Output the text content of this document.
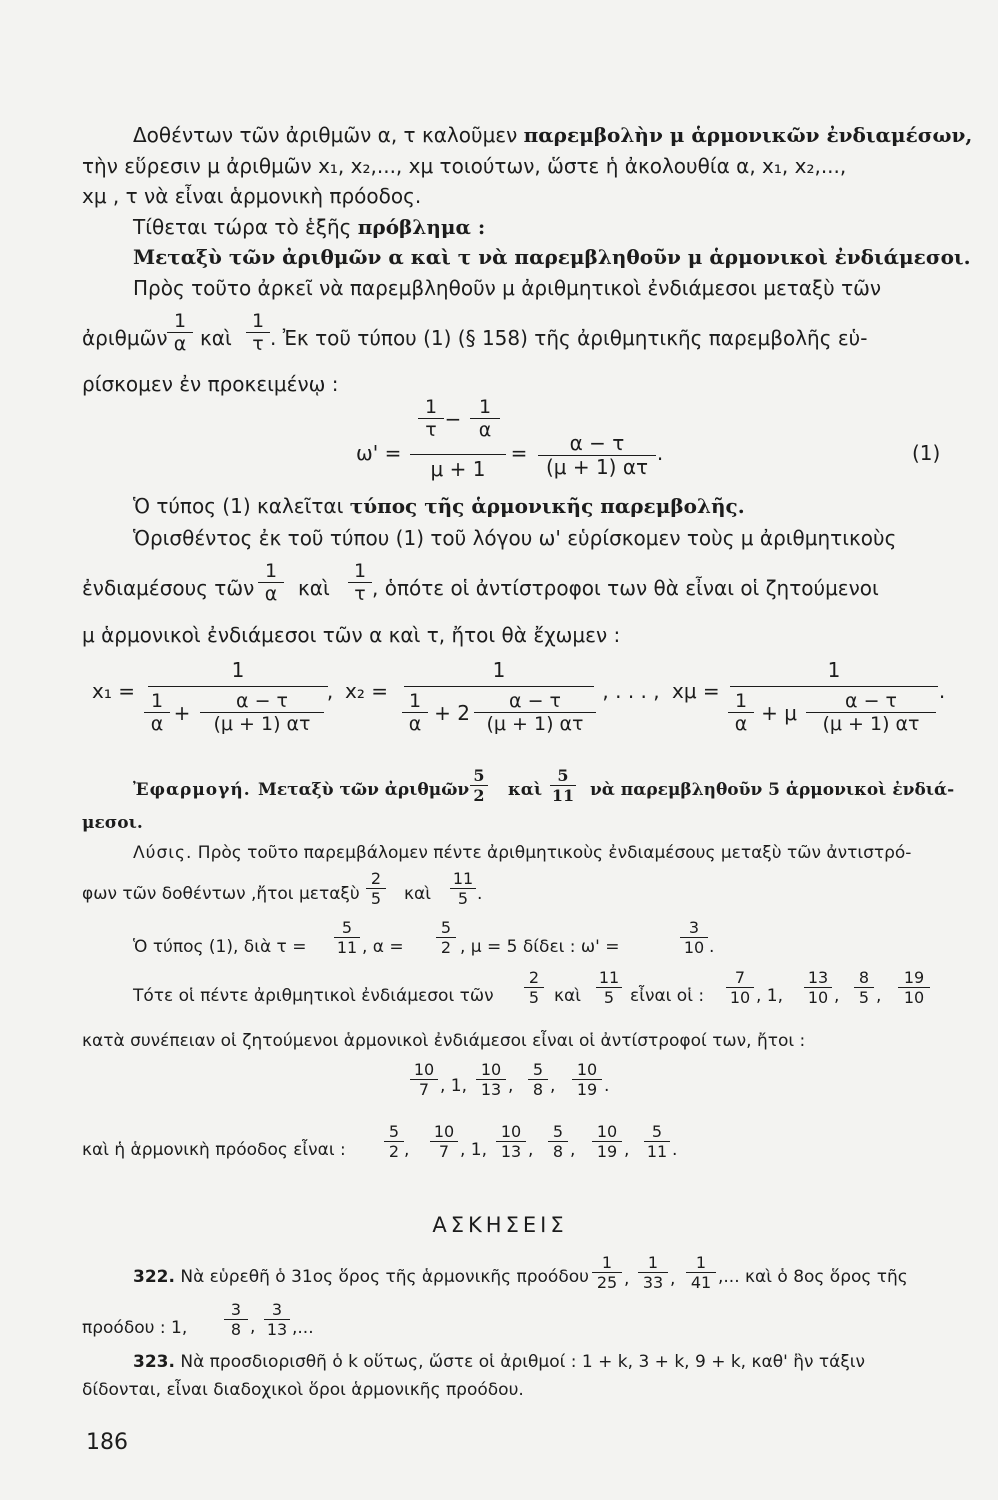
Δοθέντων τῶν ἀριθμῶν α, τ καλοῦμεν παρεμβολὴν μ ἁρμονικῶν ἐνδιαμέσων,
τὴν εὕρεσιν μ ἀριθμῶν x₁, x₂,..., xμ τοιούτων, ὥστε ἡ ἀκολουθία α, x₁, x₂,...,
xμ , τ νὰ εἶναι ἁρμονικὴ πρόοδος.
Τίθεται τώρα τὸ ἑξῆς πρόβλημα :
Μεταξὺ τῶν ἀριθμῶν α καὶ τ νὰ παρεμβληθοῦν μ ἁρμονικοὶ ἐνδιάμεσοι.
Πρὸς τοῦτο ἀρκεῖ νὰ παρεμβληθοῦν μ ἀριθμητικοὶ ἐνδιάμεσοι μεταξὺ τῶν
ἀριθμῶν
1
α καὶ
1
τ . Ἐκ τοῦ τύπου (1) (§ 158) τῆς ἀριθμητικῆς παρεμβολῆς εὑ-
ρίσκομεν ἐν προκειμένῳ :
ω' =
1
τ − 1
α
μ + 1
=	α − τ
(μ + 1) ατ
.	(1)
Ὁ τύπος (1) καλεῖται τύπος τῆς ἁρμονικῆς παρεμβολῆς.
Ὁρισθέντος ἐκ τοῦ τύπου (1) τοῦ λόγου ω' εὑρίσκομεν τοὺς μ ἀριθμητικοὺς
ἐνδιαμέσους τῶν
1
α	καὶ
1
τ , ὁπότε οἱ ἀντίστροφοι των θὰ εἶναι οἱ ζητούμενοι
μ ἁρμονικοὶ ἐνδιάμεσοι τῶν α καὶ τ, ἤτοι θὰ ἔχωμεν :
x₁ =
1
1
α +	α − τ
(μ + 1) ατ
, x₂ =
1
1
α + 2	α − τ
(μ + 1) ατ
, . . . , xμ =
1
1
α + μ	α − τ
(μ + 1) ατ
.
Ἐφαρμογή. Μεταξὺ τῶν ἀριθμῶν
5
2 καὶ
5
11 νὰ παρεμβληθοῦν 5 ἁρμονικοὶ ἐνδιά-
μεσοι.
Λύσις. Πρὸς τοῦτο παρεμβάλομεν πέντε ἀριθμητικοὺς ἐνδιαμέσους μεταξὺ τῶν ἀντιστρό-
φων τῶν δοθέντων ,ἤτοι μεταξὺ
2
5 καὶ
11
5 .
Ὁ τύπος (1), διὰ τ =
5
11 , α =
5
2 , μ = 5 δίδει : ω' =
3
10 .
Τότε οἱ πέντε ἀριθμητικοὶ ἐνδιάμεσοι τῶν
2
5 καὶ
11
5 εἶναι οἱ :
7
10 , 1,
13
10 ,
8
5 ,
19
10
κατὰ συνέπειαν οἱ ζητούμενοι ἁρμονικοὶ ἐνδιάμεσοι εἶναι οἱ ἀντίστροφοί των, ἤτοι :
10
7 , 1,
10
13 ,
5
8 ,
10
19 .
καὶ ἡ ἁρμονικὴ πρόοδος εἶναι :
5
2 ,
10
7 , 1,
10
13 ,
5
8 ,
10
19 ,
5
11 .
ΑΣΚΗΣΕΙΣ
322. Νὰ εὑρεθῆ ὁ 31ος ὅρος τῆς ἁρμονικῆς προόδου
1
25 ,
1
33 ,
1
41 ,... καὶ ὁ 8ος ὅρος τῆς
προόδου : 1,
3
8 ,
3
13 ,...
323. Νὰ προσδιορισθῆ ὁ k οὕτως, ὥστε οἱ ἀριθμοί : 1 + k, 3 + k, 9 + k, καθ' ἣν τάξιν
δίδονται, εἶναι διαδοχικοὶ ὅροι ἁρμονικῆς προόδου.
186
